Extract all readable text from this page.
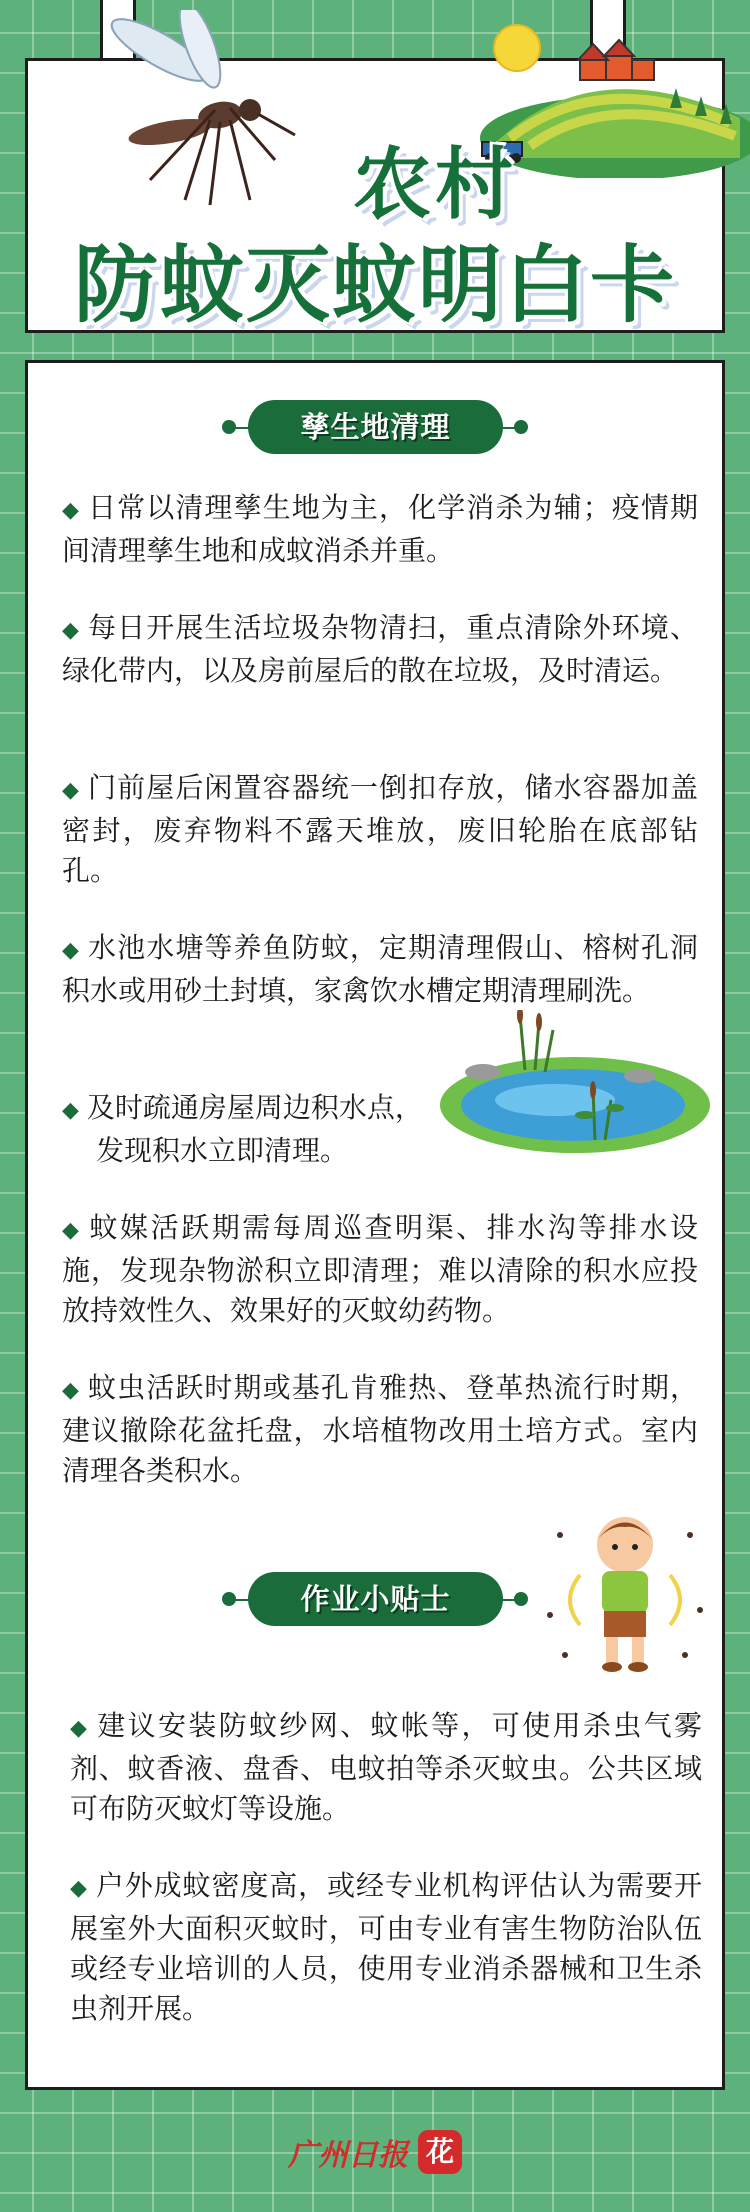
农村
防蚊灭蚊明白卡
孳生地清理
◆ 日常以清理孳生地为主，化学消杀为辅；疫情期间清理孳生地和成蚊消杀并重。
◆ 每日开展生活垃圾杂物清扫，重点清除外环境、绿化带内，以及房前屋后的散在垃圾，及时清运。
◆ 门前屋后闲置容器统一倒扣存放，储水容器加盖密封，废弃物料不露天堆放，废旧轮胎在底部钻孔。
◆ 水池水塘等养鱼防蚊，定期清理假山、榕树孔洞积水或用砂土封填，家禽饮水槽定期清理刷洗。
◆ 及时疏通房屋周边积水点，
发现积水立即清理。
◆ 蚊媒活跃期需每周巡查明渠、排水沟等排水设施，发现杂物淤积立即清理；难以清除的积水应投放持效性久、效果好的灭蚊幼药物。
◆ 蚊虫活跃时期或基孔肯雅热、登革热流行时期，建议撤除花盆托盘，水培植物改用土培方式。室内清理各类积水。
作业小贴士
◆ 建议安装防蚊纱网、蚊帐等，可使用杀虫气雾剂、蚊香液、盘香、电蚊拍等杀灭蚊虫。公共区域可布防灭蚊灯等设施。
◆ 户外成蚊密度高，或经专业机构评估认为需要开展室外大面积灭蚊时，可由专业有害生物防治队伍或经专业培训的人员，使用专业消杀器械和卫生杀虫剂开展。
广州日报 花
